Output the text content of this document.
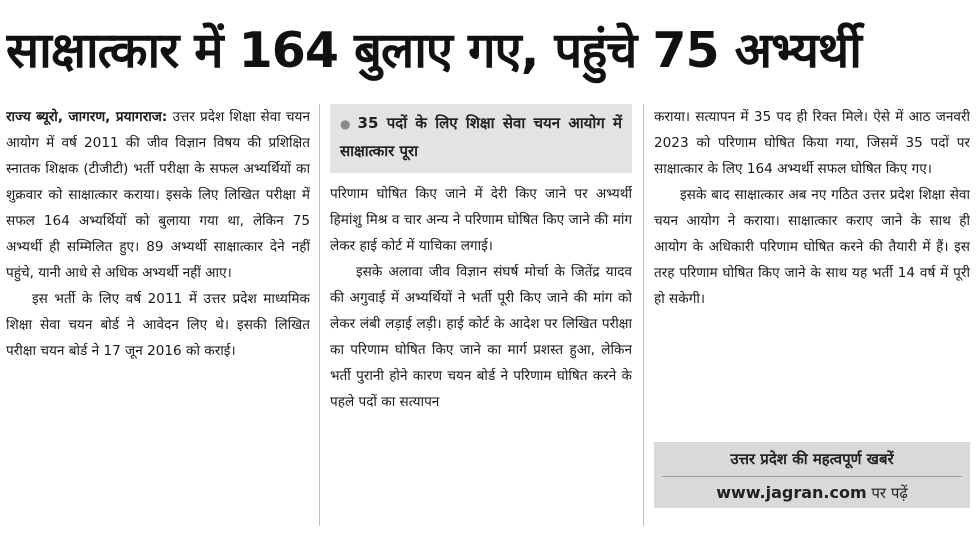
साक्षात्कार में 164 बुलाए गए, पहुंचे 75 अभ्यर्थी

राज्य ब्यूरो, जागरण, प्रयागराज: उत्तर प्रदेश शिक्षा सेवा चयन आयोग में वर्ष 2011 की जीव विज्ञान विषय की प्रशिक्षित स्नातक शिक्षक (टीजीटी) भर्ती परीक्षा के सफल अभ्यर्थियों का शुक्रवार को साक्षात्कार कराया। इसके लिए लिखित परीक्षा में सफल 164 अभ्यर्थियों को बुलाया गया था, लेकिन 75 अभ्यर्थी ही सम्मिलित हुए। 89 अभ्यर्थी साक्षात्कार देने नहीं पहुंचे, यानी आधे से अधिक अभ्यर्थी नहीं आए।

इस भर्ती के लिए वर्ष 2011 में उत्तर प्रदेश माध्यमिक शिक्षा सेवा चयन बोर्ड ने आवेदन लिए थे। इसकी लिखित परीक्षा चयन बोर्ड ने 17 जून 2016 को कराई।

● 35 पदों के लिए शिक्षा सेवा चयन आयोग में साक्षात्कार पूरा

परिणाम घोषित किए जाने में देरी किए जाने पर अभ्यर्थी हिमांशु मिश्र व चार अन्य ने परिणाम घोषित किए जाने की मांग लेकर हाई कोर्ट में याचिका लगाई।

इसके अलावा जीव विज्ञान संघर्ष मोर्चा के जितेंद्र यादव की अगुवाई में अभ्यर्थियों ने भर्ती पूरी किए जाने की मांग को लेकर लंबी लड़ाई लड़ी। हाई कोर्ट के आदेश पर लिखित परीक्षा का परिणाम घोषित किए जाने का मार्ग प्रशस्त हुआ, लेकिन भर्ती पुरानी होने कारण चयन बोर्ड ने परिणाम घोषित करने के पहले पदों का सत्यापन

कराया। सत्यापन में 35 पद ही रिक्त मिले। ऐसे में आठ जनवरी 2023 को परिणाम घोषित किया गया, जिसमें 35 पदों पर साक्षात्कार के लिए 164 अभ्यर्थी सफल घोषित किए गए।

इसके बाद साक्षात्कार अब नए गठित उत्तर प्रदेश शिक्षा सेवा चयन आयोग ने कराया। साक्षात्कार कराए जाने के साथ ही आयोग के अधिकारी परिणाम घोषित करने की तैयारी में हैं। इस तरह परिणाम घोषित किए जाने के साथ यह भर्ती 14 वर्ष में पूरी हो सकेगी।

उत्तर प्रदेश की महत्वपूर्ण खबरें
www.jagran.com पर पढ़ें
